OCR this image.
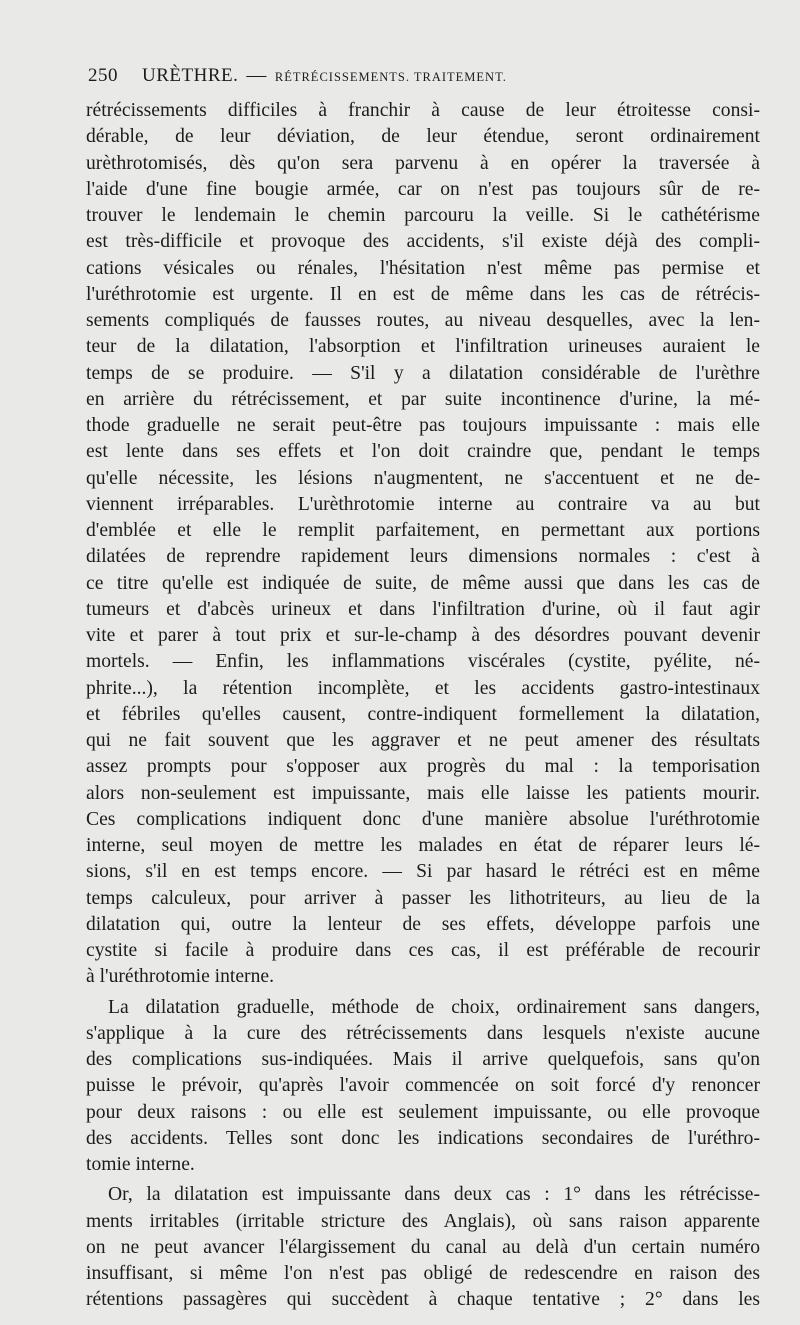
250 URÈTHRE. — RÉTRÉCISSEMENTS. TRAITEMENT.
rétrécissements difficiles à franchir à cause de leur étroitesse consi-
dérable, de leur déviation, de leur étendue, seront ordinairement
urèthrotomisés, dès qu'on sera parvenu à en opérer la traversée à
l'aide d'une fine bougie armée, car on n'est pas toujours sûr de re-
trouver le lendemain le chemin parcouru la veille. Si le cathétérisme
est très-difficile et provoque des accidents, s'il existe déjà des compli-
cations vésicales ou rénales, l'hésitation n'est même pas permise et
l'uréthrotomie est urgente. Il en est de même dans les cas de rétrécis-
sements compliqués de fausses routes, au niveau desquelles, avec la len-
teur de la dilatation, l'absorption et l'infiltration urineuses auraient le
temps de se produire. — S'il y a dilatation considérable de l'urèthre
en arrière du rétrécissement, et par suite incontinence d'urine, la mé-
thode graduelle ne serait peut-être pas toujours impuissante : mais elle
est lente dans ses effets et l'on doit craindre que, pendant le temps
qu'elle nécessite, les lésions n'augmentent, ne s'accentuent et ne de-
viennent irréparables. L'urèthrotomie interne au contraire va au but
d'emblée et elle le remplit parfaitement, en permettant aux portions
dilatées de reprendre rapidement leurs dimensions normales : c'est à
ce titre qu'elle est indiquée de suite, de même aussi que dans les cas de
tumeurs et d'abcès urineux et dans l'infiltration d'urine, où il faut agir
vite et parer à tout prix et sur-le-champ à des désordres pouvant devenir
mortels. — Enfin, les inflammations viscérales (cystite, pyélite, né-
phrite...), la rétention incomplète, et les accidents gastro-intestinaux
et fébriles qu'elles causent, contre-indiquent formellement la dilatation,
qui ne fait souvent que les aggraver et ne peut amener des résultats
assez prompts pour s'opposer aux progrès du mal : la temporisation
alors non-seulement est impuissante, mais elle laisse les patients mourir.
Ces complications indiquent donc d'une manière absolue l'uréthrotomie
interne, seul moyen de mettre les malades en état de réparer leurs lé-
sions, s'il en est temps encore. — Si par hasard le rétréci est en même
temps calculeux, pour arriver à passer les lithotriteurs, au lieu de la
dilatation qui, outre la lenteur de ses effets, développe parfois une
cystite si facile à produire dans ces cas, il est préférable de recourir
à l'uréthrotomie interne.
La dilatation graduelle, méthode de choix, ordinairement sans dangers,
s'applique à la cure des rétrécissements dans lesquels n'existe aucune
des complications sus-indiquées. Mais il arrive quelquefois, sans qu'on
puisse le prévoir, qu'après l'avoir commencée on soit forcé d'y renoncer
pour deux raisons : ou elle est seulement impuissante, ou elle provoque
des accidents. Telles sont donc les indications secondaires de l'uréthro-
tomie interne.
Or, la dilatation est impuissante dans deux cas : 1° dans les rétrécisse-
ments irritables (irritable stricture des Anglais), où sans raison apparente
on ne peut avancer l'élargissement du canal au delà d'un certain numéro
insuffisant, si même l'on n'est pas obligé de redescendre en raison des
rétentions passagères qui succèdent à chaque tentative ; 2° dans les
